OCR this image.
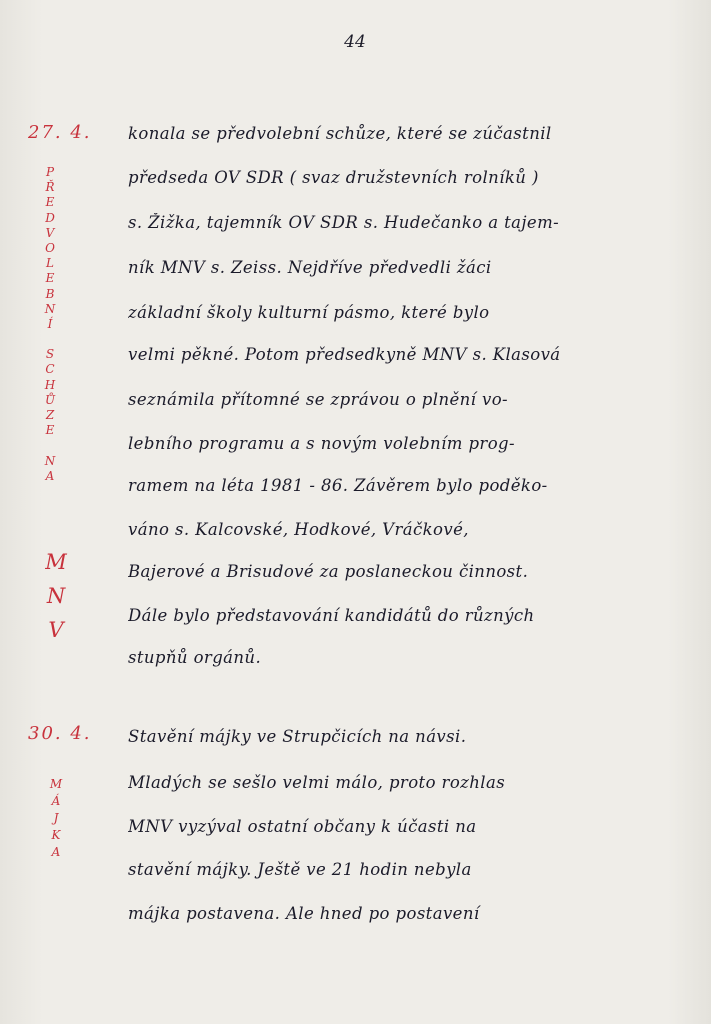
44
27. 4.
P
Ř
E
D
V
O
L
E
B
N
Í
S
C
H
Ů
Z
E
N
A
M
N
V
konala se předvolební schůze, které se zúčastnil
předseda OV SDR ( svaz družstevních rolníků )
s. Žižka, tajemník OV SDR s. Hudečanko a tajem-
ník MNV s. Zeiss. Nejdříve předvedli žáci
základní školy kulturní pásmo, které bylo
velmi pěkné. Potom předsedkyně MNV s. Klasová
seznámila přítomné se zprávou o plnění vo-
lebního programu a s novým volebním prog-
ramem na léta 1981 - 86. Závěrem bylo poděko-
váno s. Kalcovské, Hodkové, Vráčkové,
Bajerové a Brisudové za poslaneckou činnost.
Dále bylo představování kandidátů do různých
stupňů orgánů.
30. 4.
M
Á
J
K
A
Stavění májky ve Strupčicích na návsi.
Mladých se sešlo velmi málo, proto rozhlas
MNV vyzýval ostatní občany k účasti na
stavění májky. Ještě ve 21 hodin nebyla
májka postavena. Ale hned po postavení
